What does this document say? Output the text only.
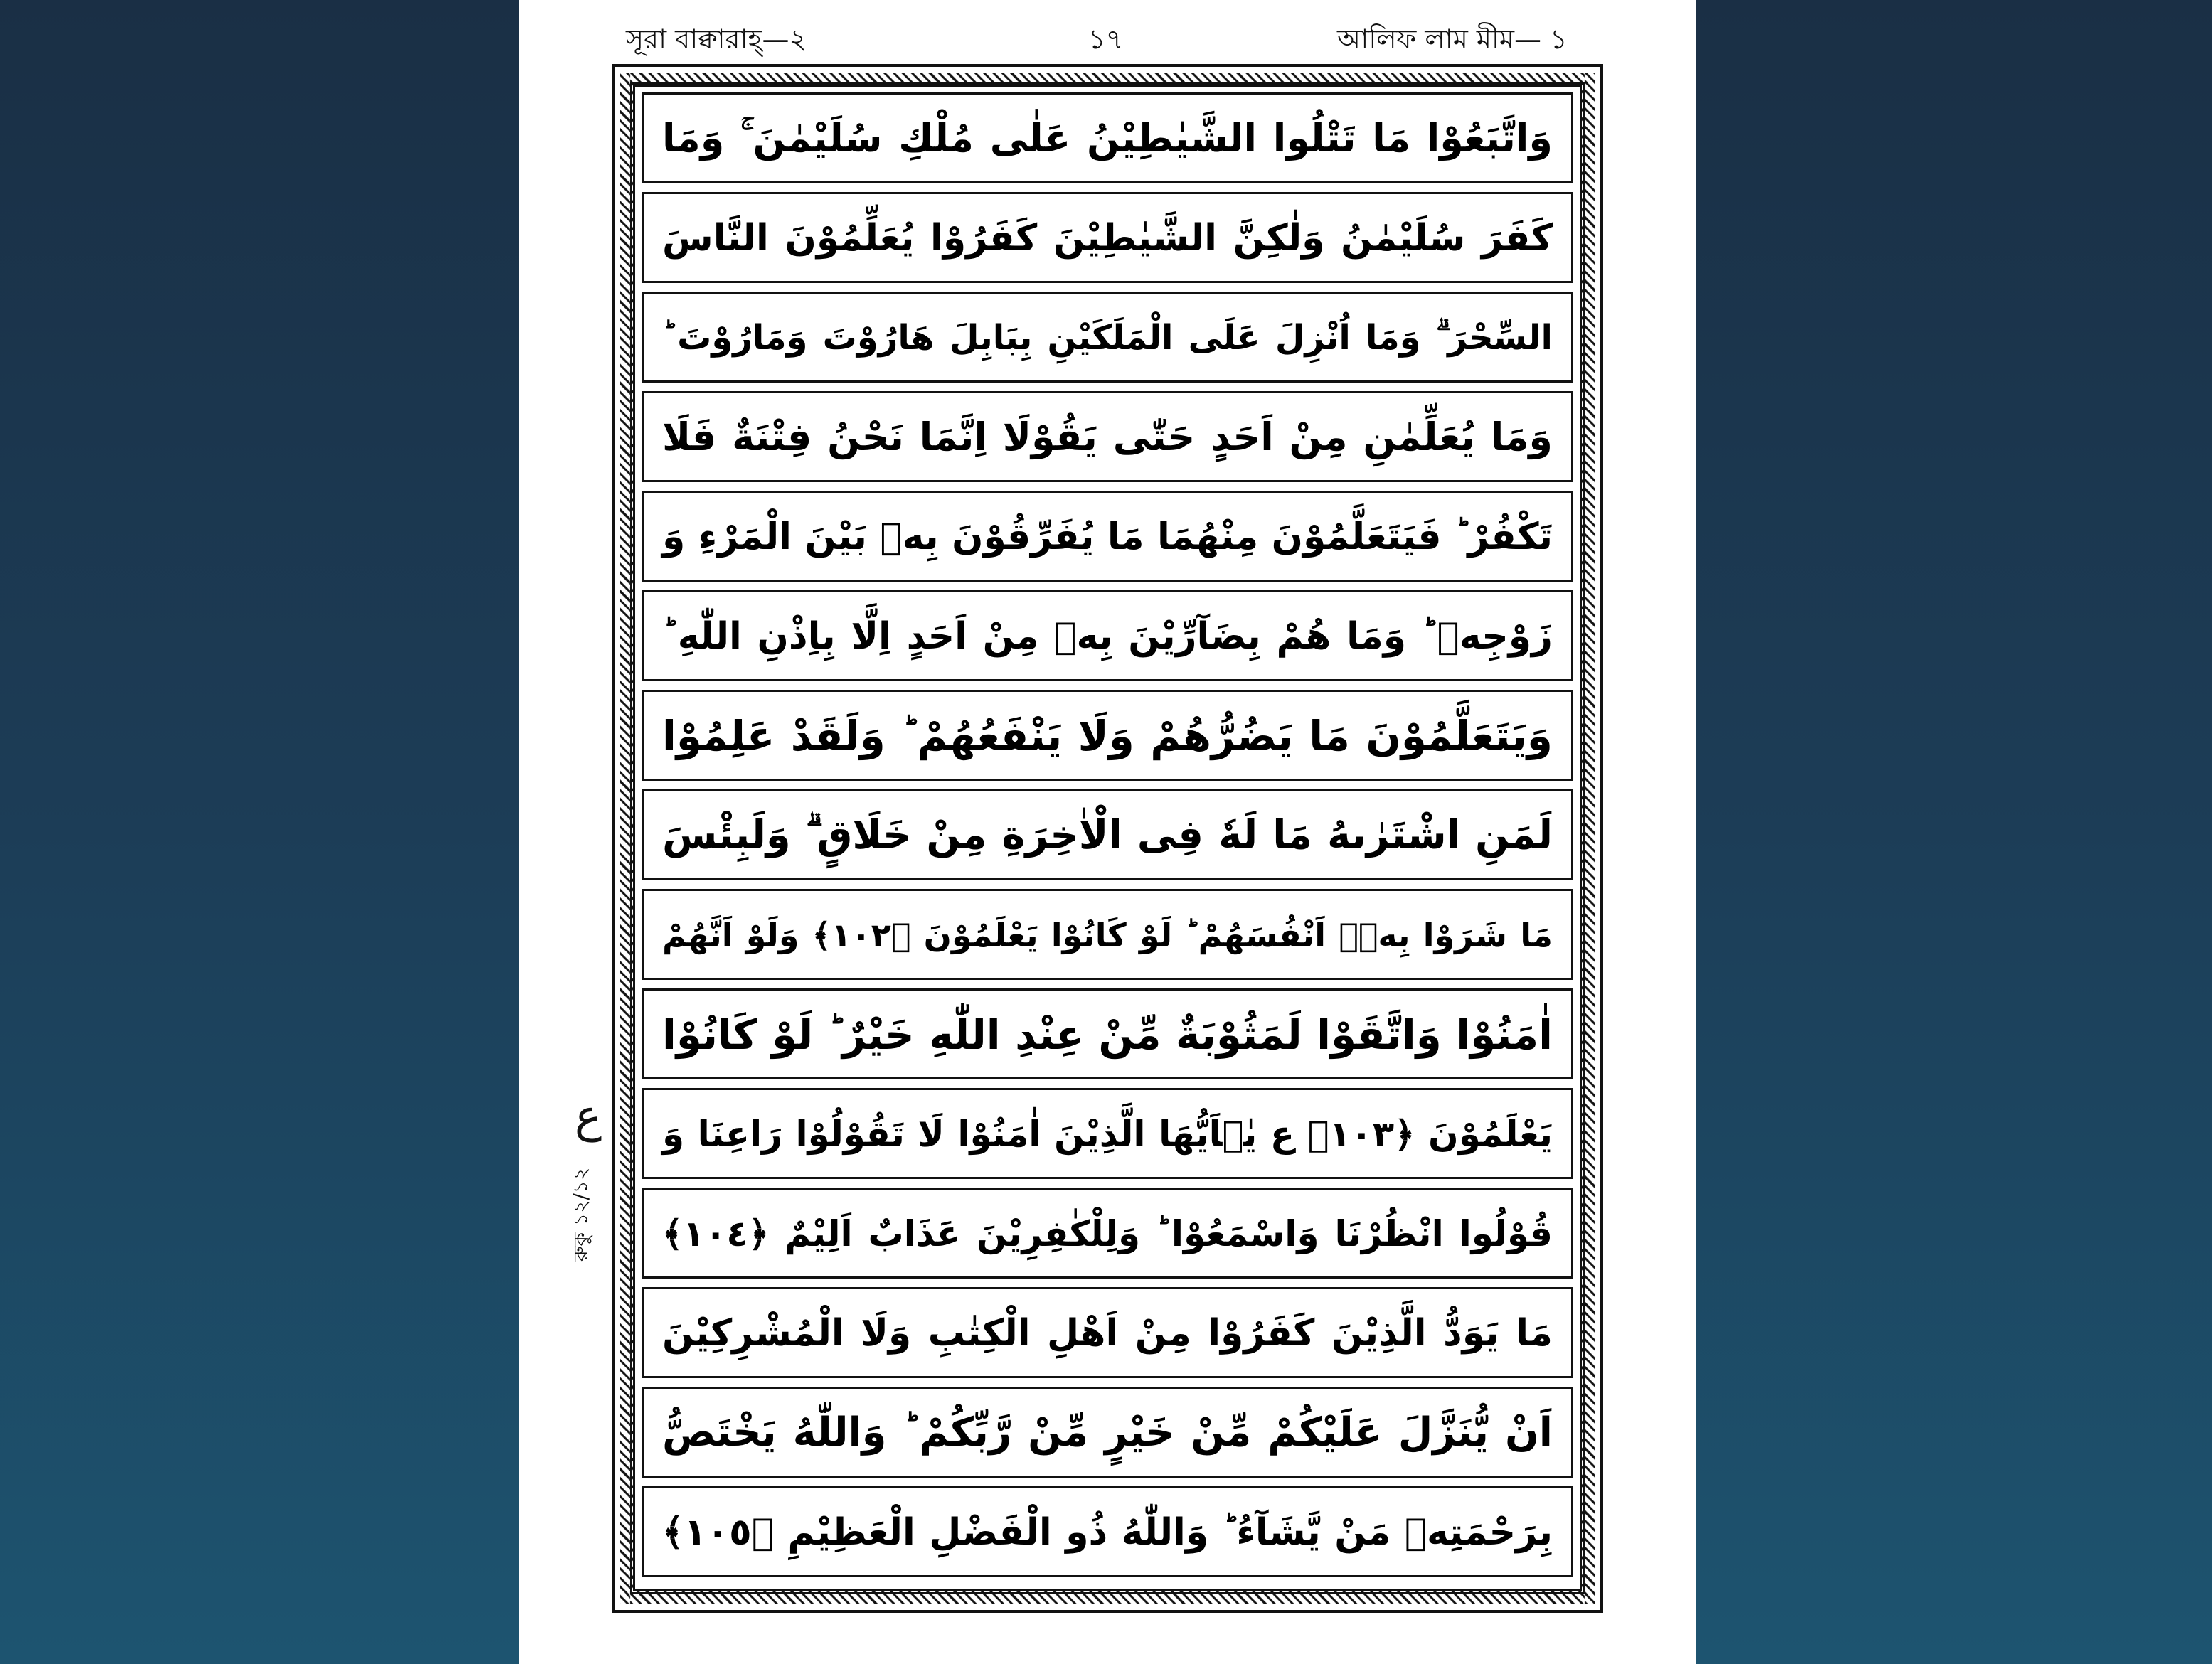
সূরা বাক্বারাহ্—২	১৭	আলিফ লাম মীম— ১
ع
রুকু ১২/১২
وَاتَّبَعُوْا مَا تَتْلُوا الشَّيٰطِيْنُ عَلٰى مُلْكِ سُلَيْمٰنَ ۚ وَمَا
كَفَرَ سُلَيْمٰنُ وَلٰكِنَّ الشَّيٰطِيْنَ كَفَرُوْا يُعَلِّمُوْنَ النَّاسَ
السِّحْرَ ۗ وَمَا اُنْزِلَ عَلَى الْمَلَكَيْنِ بِبَابِلَ هَارُوْتَ وَمَارُوْتَ ؕ
وَمَا يُعَلِّمٰنِ مِنْ اَحَدٍ حَتّٰى يَقُوْلَا اِنَّمَا نَحْنُ فِتْنَةٌ فَلَا
تَكْفُرْ ؕ فَيَتَعَلَّمُوْنَ مِنْهُمَا مَا يُفَرِّقُوْنَ بِهٖ بَيْنَ الْمَرْءِ وَ
زَوْجِهٖ ؕ وَمَا هُمْ بِضَآرِّيْنَ بِهٖ مِنْ اَحَدٍ اِلَّا بِاِذْنِ اللّٰهِ ؕ
وَيَتَعَلَّمُوْنَ مَا يَضُرُّهُمْ وَلَا يَنْفَعُهُمْ ؕ وَلَقَدْ عَلِمُوْا
لَمَنِ اشْتَرٰىهُ مَا لَهٗ فِى الْاٰخِرَةِ مِنْ خَلَاقٍ ۗ وَلَبِئْسَ
مَا شَرَوْا بِهٖۤ اَنْفُسَهُمْ ؕ لَوْ كَانُوْا يَعْلَمُوْنَ ﴿١٠٢﴾ وَلَوْ اَنَّهُمْ
اٰمَنُوْا وَاتَّقَوْا لَمَثُوْبَةٌ مِّنْ عِنْدِ اللّٰهِ خَيْرٌ ؕ لَوْ كَانُوْا
يَعْلَمُوْنَ ﴿١٠٣﴾ ع يٰۤاَيُّهَا الَّذِيْنَ اٰمَنُوْا لَا تَقُوْلُوْا رَاعِنَا وَ
قُوْلُوا انْظُرْنَا وَاسْمَعُوْا ؕ وَلِلْكٰفِرِيْنَ عَذَابٌ اَلِيْمٌ ﴿١٠٤﴾
مَا يَوَدُّ الَّذِيْنَ كَفَرُوْا مِنْ اَهْلِ الْكِتٰبِ وَلَا الْمُشْرِكِيْنَ
اَنْ يُّنَزَّلَ عَلَيْكُمْ مِّنْ خَيْرٍ مِّنْ رَّبِّكُمْ ؕ وَاللّٰهُ يَخْتَصُّ
بِرَحْمَتِهٖ مَنْ يَّشَآءُ ؕ وَاللّٰهُ ذُو الْفَضْلِ الْعَظِيْمِ ﴿١٠٥﴾
